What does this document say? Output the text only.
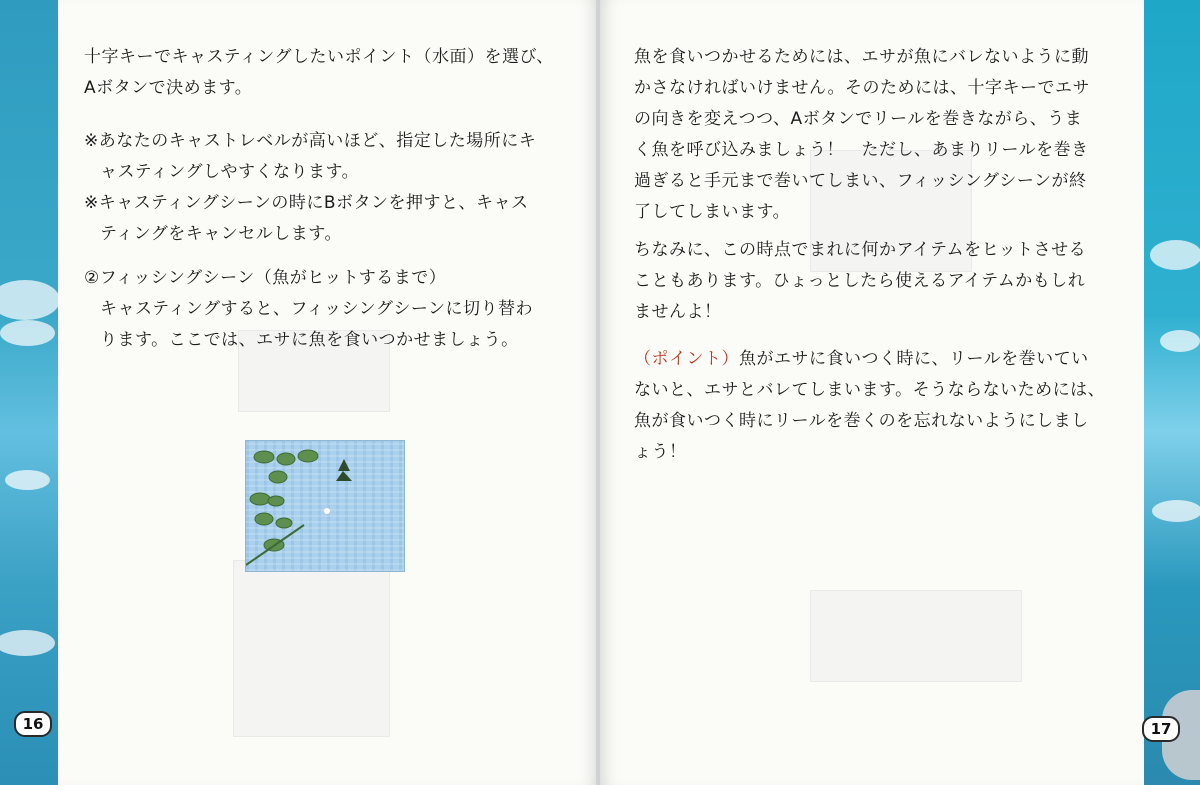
十字キーでキャスティングしたいポイント（水面）を選び、

Aボタンで決めます。

※あなたのキャストレベルが高いほど、指定した場所にキ

ャスティングしやすくなります。

※キャスティングシーンの時にBボタンを押すと、キャス

ティングをキャンセルします。

②フィッシングシーン（魚がヒットするまで）

キャスティングすると、フィッシングシーンに切り替わ

ります。ここでは、エサに魚を食いつかせましょう。

16

魚を食いつかせるためには、エサが魚にバレないように動

かさなければいけません。そのためには、十字キーでエサ

の向きを変えつつ、Aボタンでリールを巻きながら、うま

く魚を呼び込みましょう！　ただし、あまりリールを巻き

過ぎると手元まで巻いてしまい、フィッシングシーンが終

了してしまいます。

ちなみに、この時点でまれに何かアイテムをヒットさせる

こともあります。ひょっとしたら使えるアイテムかもしれ

ませんよ！

（ポイント）魚がエサに食いつく時に、リールを巻いてい

ないと、エサとバレてしまいます。そうならないためには、

魚が食いつく時にリールを巻くのを忘れないようにしまし

ょう！

17
